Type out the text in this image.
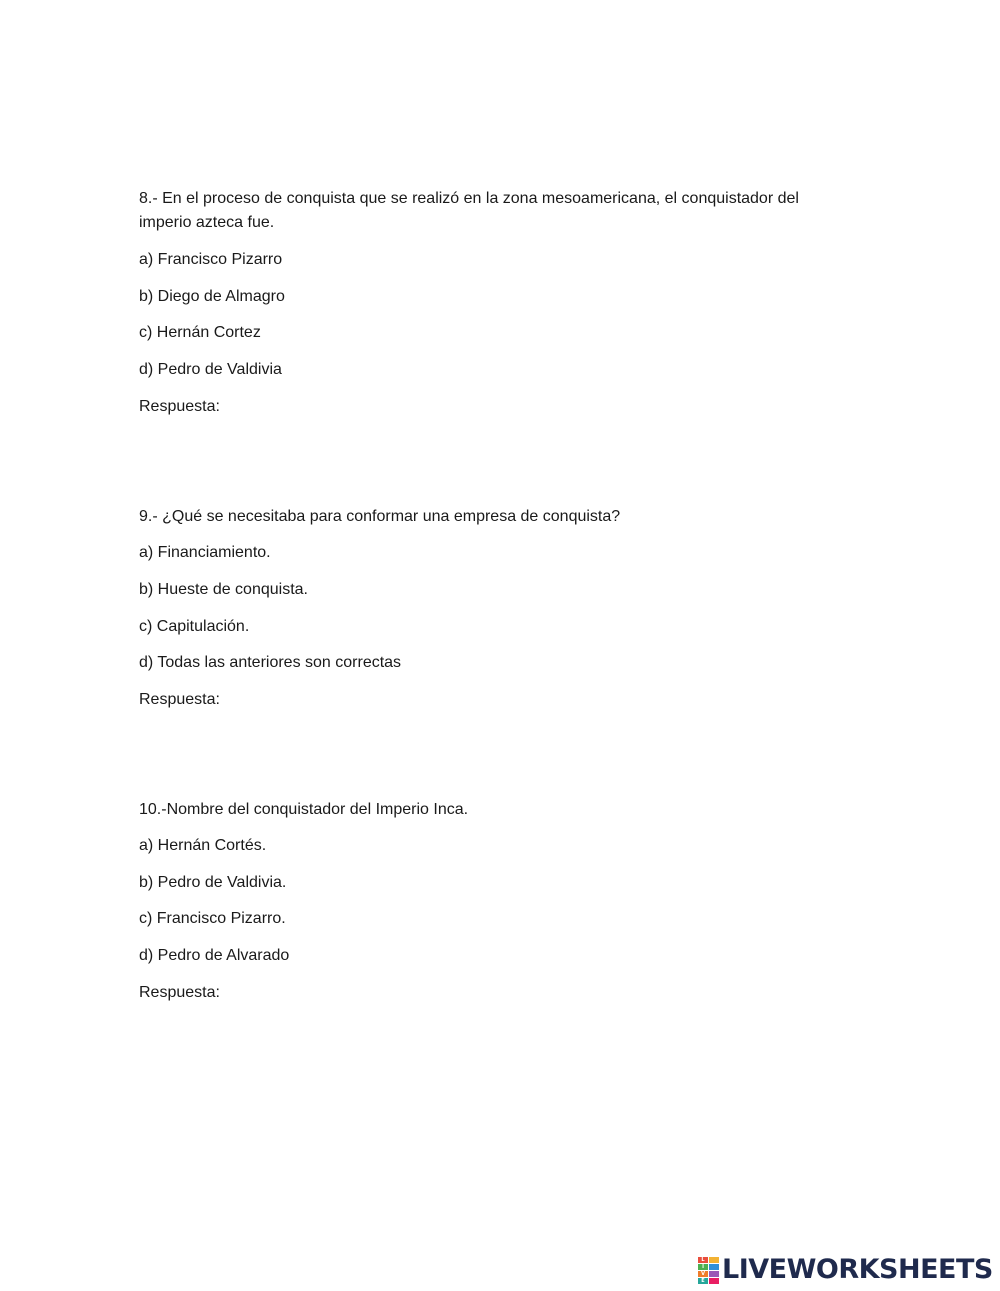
8.- En el proceso de conquista que se realizó en la zona mesoamericana, el conquistador del imperio azteca fue.

a) Francisco Pizarro

b) Diego de Almagro

c) Hernán Cortez

d) Pedro de Valdivia

Respuesta:

9.- ¿Qué se necesitaba para conformar una empresa de conquista?

a) Financiamiento.

b) Hueste de conquista.

c) Capitulación.

d) Todas las anteriores son correctas

Respuesta:

10.-Nombre del conquistador del Imperio Inca.

a) Hernán Cortés.

b) Pedro de Valdivia.

c) Francisco Pizarro.

d) Pedro de Alvarado

Respuesta:

L
I
V
E LIVEWORKSHEETS
